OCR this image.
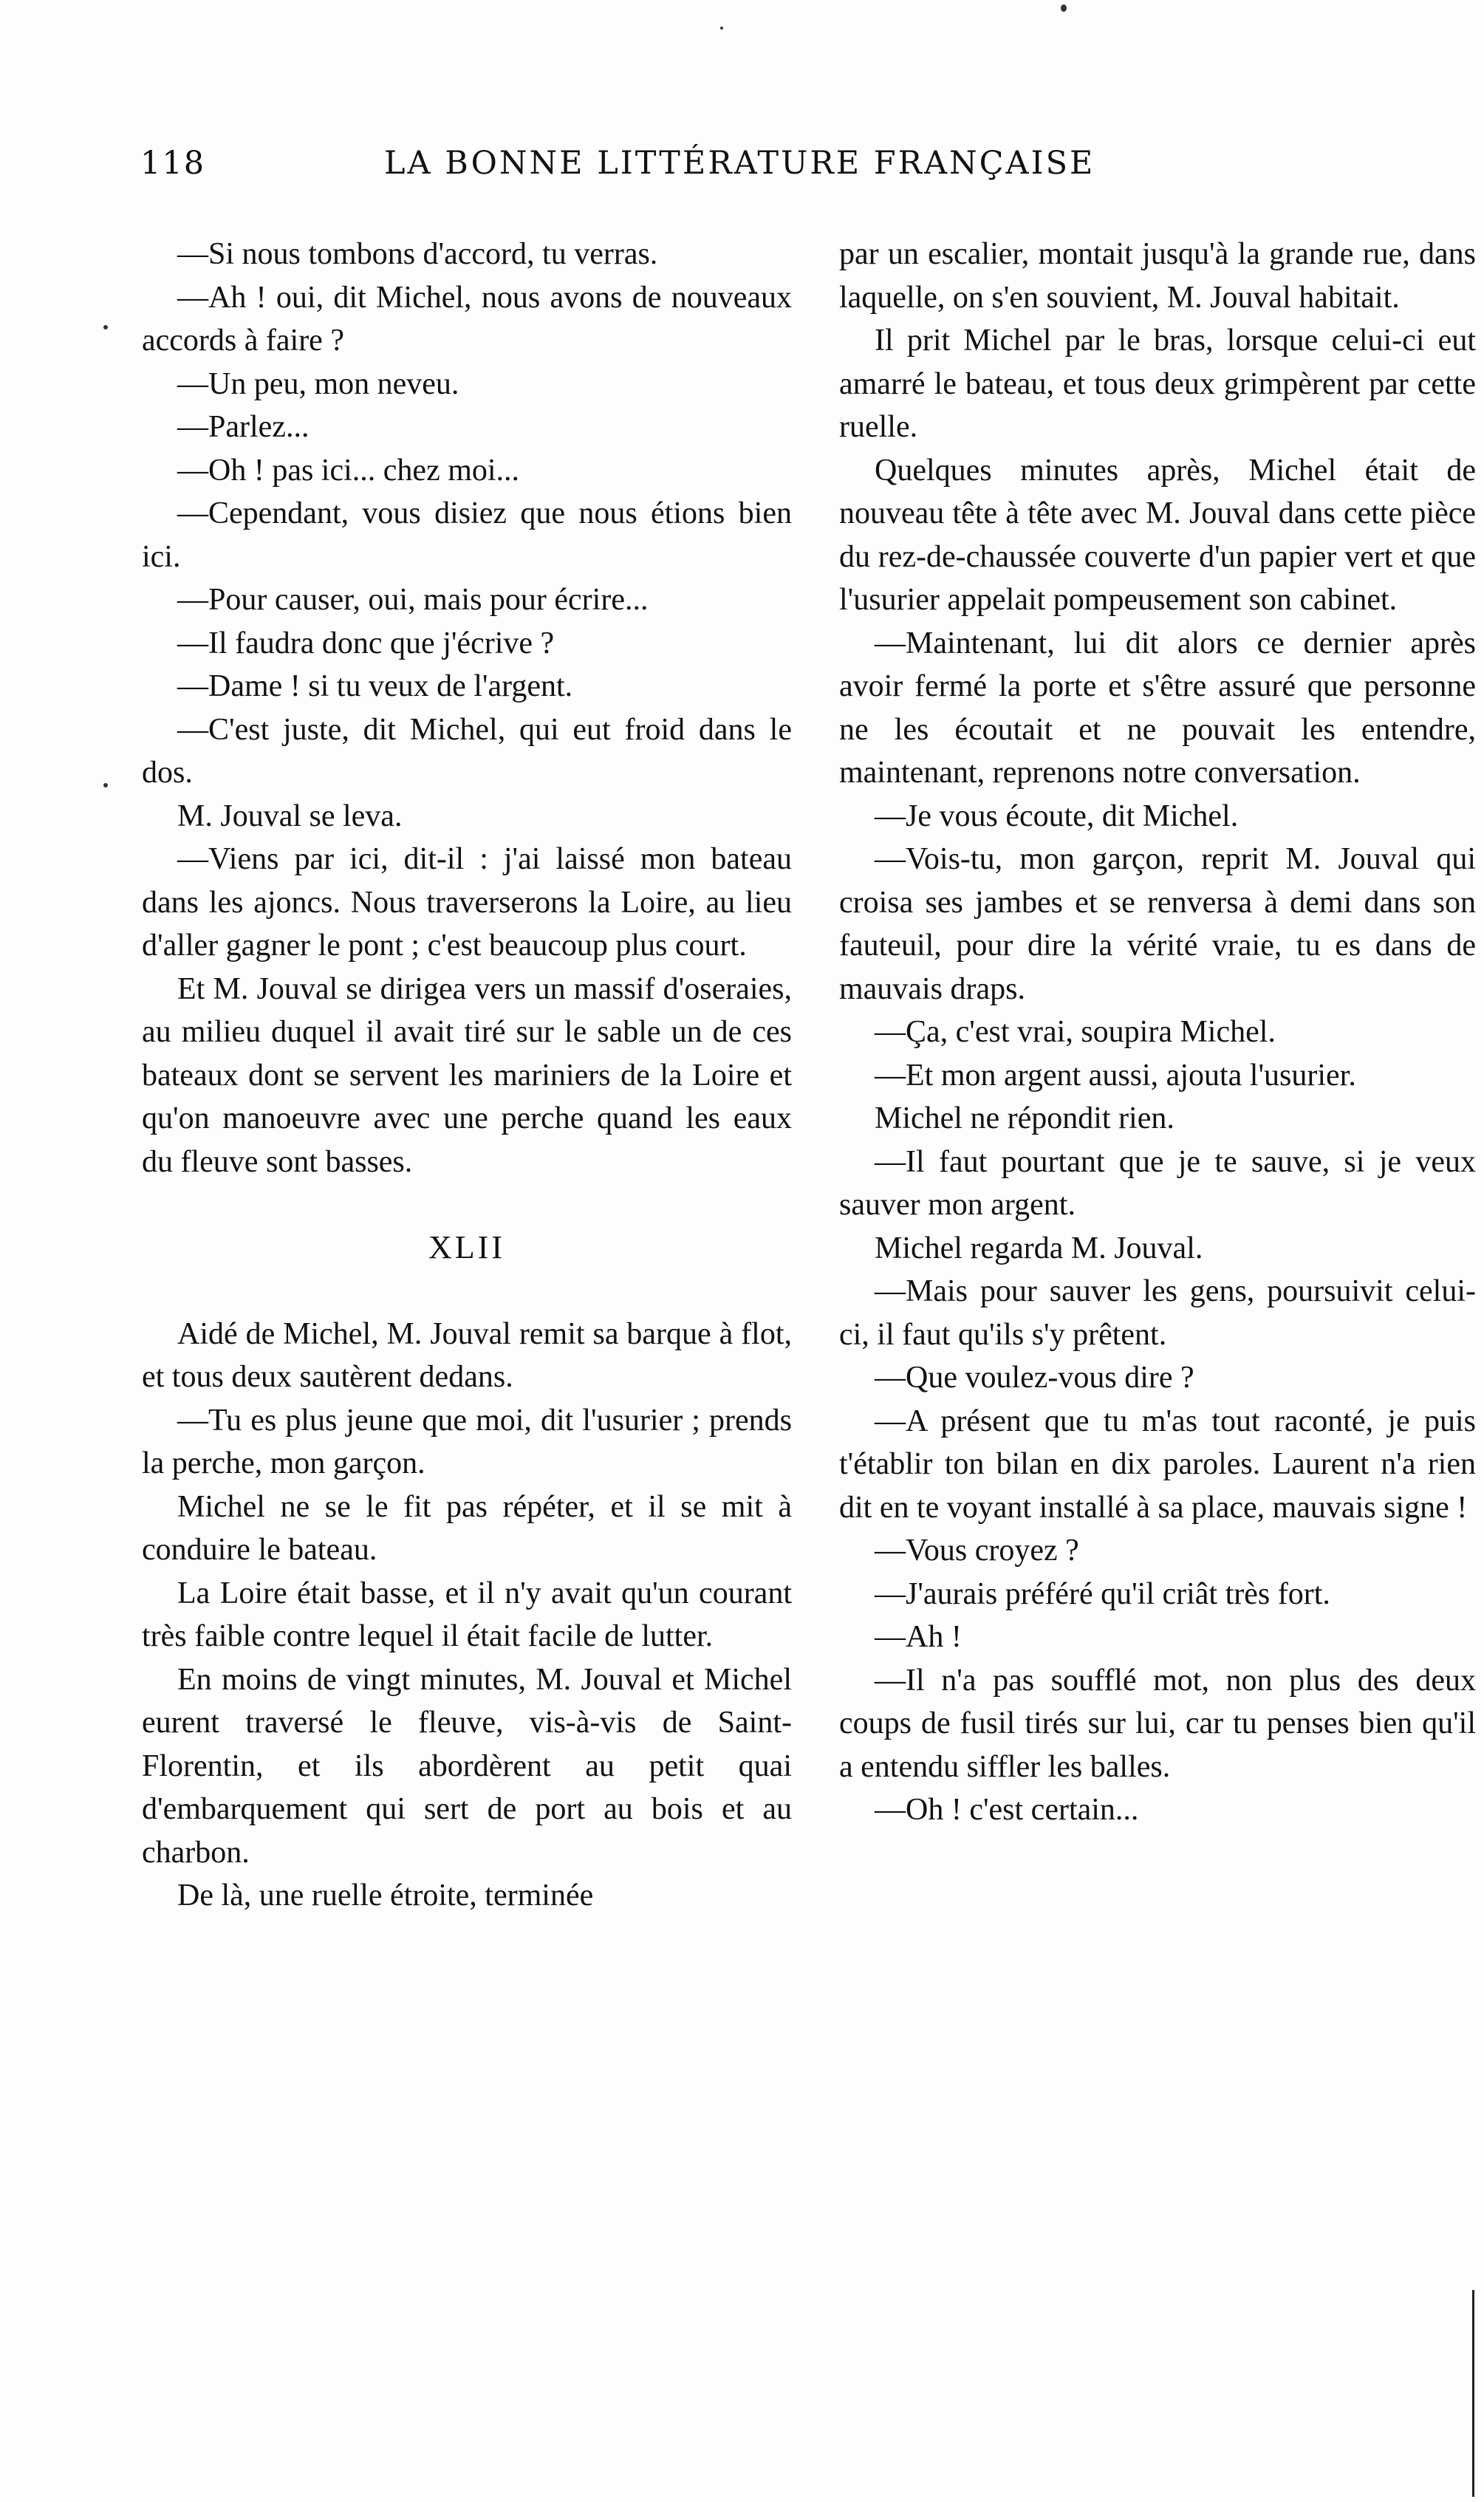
118	LA BONNE LITTÉRATURE FRANÇAISE

—Si nous tombons d'accord, tu verras.

—Ah ! oui, dit Michel, nous avons de nouveaux accords à faire ?

—Un peu, mon neveu.

—Parlez...

—Oh ! pas ici... chez moi...

—Cependant, vous disiez que nous étions bien ici.

—Pour causer, oui, mais pour écrire...

—Il faudra donc que j'écrive ?

—Dame ! si tu veux de l'argent.

—C'est juste, dit Michel, qui eut froid dans le dos.

M. Jouval se leva.

—Viens par ici, dit-il : j'ai laissé mon bateau dans les ajoncs. Nous traverserons la Loire, au lieu d'aller gagner le pont ; c'est beaucoup plus court.

Et M. Jouval se dirigea vers un massif d'oseraies, au milieu duquel il avait tiré sur le sable un de ces bateaux dont se servent les mariniers de la Loire et qu'on manoeuvre avec une perche quand les eaux du fleuve sont basses.

XLII

Aidé de Michel, M. Jouval remit sa barque à flot, et tous deux sautèrent dedans.

—Tu es plus jeune que moi, dit l'usurier ; prends la perche, mon garçon.

Michel ne se le fit pas répéter, et il se mit à conduire le bateau.

La Loire était basse, et il n'y avait qu'un courant très faible contre lequel il était facile de lutter.

En moins de vingt minutes, M. Jouval et Michel eurent traversé le fleuve, vis-à-vis de Saint-Florentin, et ils abordèrent au petit quai d'embarquement qui sert de port au bois et au charbon.

De là, une ruelle étroite, terminée

par un escalier, montait jusqu'à la grande rue, dans laquelle, on s'en souvient, M. Jouval habitait.

Il prit Michel par le bras, lorsque celui-ci eut amarré le bateau, et tous deux grimpèrent par cette ruelle.

Quelques minutes après, Michel était de nouveau tête à tête avec M. Jouval dans cette pièce du rez-de-chaussée couverte d'un papier vert et que l'usurier appelait pompeusement son cabinet.

—Maintenant, lui dit alors ce dernier après avoir fermé la porte et s'être assuré que personne ne les écoutait et ne pouvait les entendre, maintenant, reprenons notre conversation.

—Je vous écoute, dit Michel.

—Vois-tu, mon garçon, reprit M. Jouval qui croisa ses jambes et se renversa à demi dans son fauteuil, pour dire la vérité vraie, tu es dans de mauvais draps.

—Ça, c'est vrai, soupira Michel.

—Et mon argent aussi, ajouta l'usurier.

Michel ne répondit rien.

—Il faut pourtant que je te sauve, si je veux sauver mon argent.

Michel regarda M. Jouval.

—Mais pour sauver les gens, poursuivit celui-ci, il faut qu'ils s'y prêtent.

—Que voulez-vous dire ?

—A présent que tu m'as tout raconté, je puis t'établir ton bilan en dix paroles. Laurent n'a rien dit en te voyant installé à sa place, mauvais signe !

—Vous croyez ?

—J'aurais préféré qu'il criât très fort.

—Ah !

—Il n'a pas soufflé mot, non plus des deux coups de fusil tirés sur lui, car tu penses bien qu'il a entendu siffler les balles.

—Oh ! c'est certain...
